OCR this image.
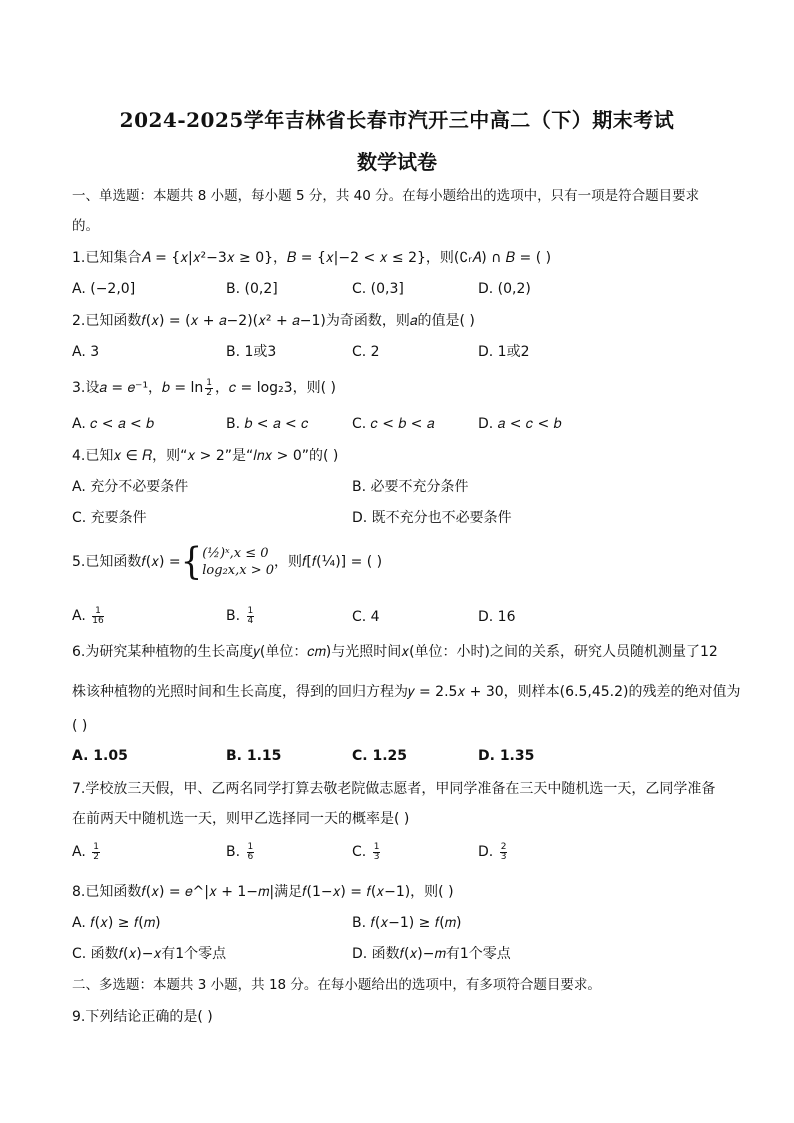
2024-2025学年吉林省长春市汽开三中高二（下）期末考试
数学试卷
一、单选题：本题共 8 小题，每小题 5 分，共 40 分。在每小题给出的选项中，只有一项是符合题目要求
的。
1.已知集合𝐴 = {𝑥|𝑥²−3𝑥 ≥ 0}，𝐵 = {𝑥|−2 < 𝑥 ≤ 2}，则(∁ᵣ𝐴) ∩ 𝐵 = ( )
A. (−2,0]	B. (0,2]	C. (0,3]	D. (0,2)
2.已知函数𝑓(𝑥) = (𝑥 + 𝑎−2)(𝑥² + 𝑎−1)为奇函数，则𝑎的值是( )
A. 3	B. 1或3	C. 2	D. 1或2
3.设𝑎 = 𝑒⁻¹，𝑏 = $\ln \frac{1}{2}$ ，𝑐 = log₂3，则( )
A. 𝑐 < 𝑎 < 𝑏	B. 𝑏 < 𝑎 < 𝑐	C. 𝑐 < 𝑏 < 𝑎	D. 𝑎 < 𝑐 < 𝑏
4.已知𝑥 ∈ 𝑅，则“𝑥 > 2”是“𝑙𝑛𝑥 > 0”的( )
A. 充分不必要条件	B. 必要不充分条件
C. 充要条件	D. 既不充分也不必要条件
5.已知函数𝑓(𝑥) ={ (½)ˣ,𝑥 ≤ 0
𝑙𝑜𝑔₂𝑥,𝑥 > 0
，则𝑓[𝑓(¼)] = ( )
A. $\frac{1}{16}$	B. $\frac{1}{4}$	C. 4	D. 16
6.为研究某种植物的生长高度𝑦(单位：𝑐𝑚)与光照时间𝑥(单位：小时)之间的关系，研究人员随机测量了12
株该种植物的光照时间和生长高度，得到的回归方程为𝑦 = 2.5𝑥 + 30，则样本(6.5,45.2)的残差的绝对值为
( )
A. 1.05	B. 1.15	C. 1.25	D. 1.35
7.学校放三天假，甲、乙两名同学打算去敬老院做志愿者，甲同学准备在三天中随机选一天，乙同学准备
在前两天中随机选一天，则甲乙选择同一天的概率是( )
A. $\frac{1}{2}$	B. $\frac{1}{6}$	C. $\frac{1}{3}$	D. $\frac{2}{3}$
8.已知函数𝑓(𝑥) = 𝑒^|𝑥 + 1−𝑚|满足𝑓(1−𝑥) = 𝑓(𝑥−1)，则( )
A. 𝑓(𝑥) ≥ 𝑓(𝑚)	B. 𝑓(𝑥−1) ≥ 𝑓(𝑚)
C. 函数𝑓(𝑥)−𝑥有1个零点	D. 函数𝑓(𝑥)−𝑚有1个零点
二、多选题：本题共 3 小题，共 18 分。在每小题给出的选项中，有多项符合题目要求。
9.下列结论正确的是( )
